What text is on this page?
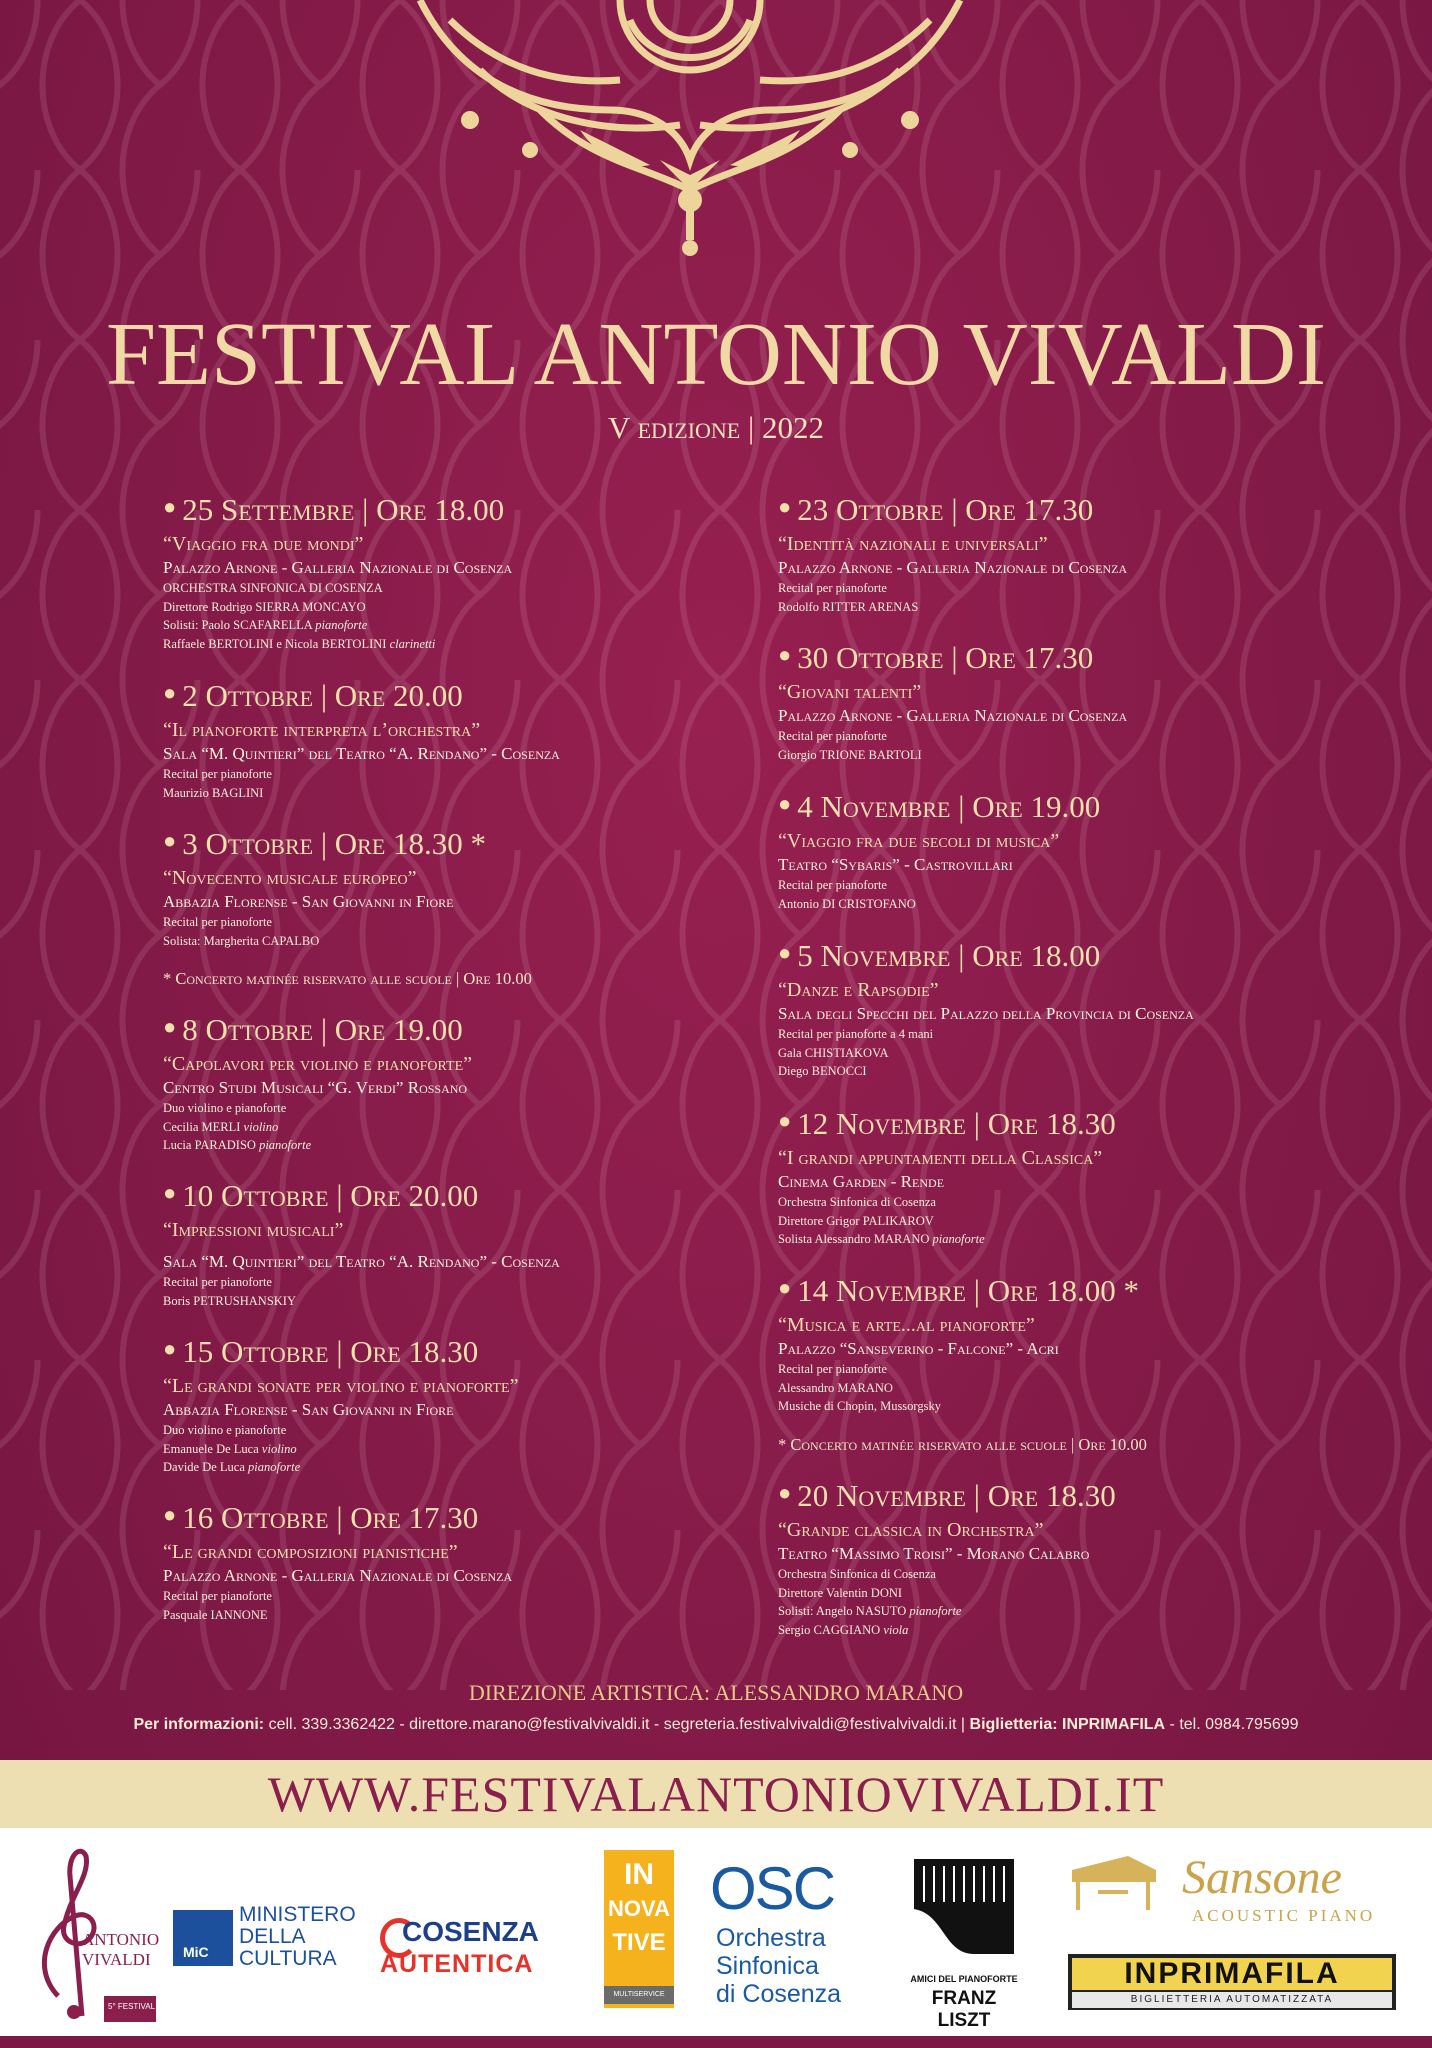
FESTIVAL ANTONIO VIVALDI
V edizione | 2022
● 25 Settembre | Ore 18.00
“Viaggio fra due mondi”
Palazzo Arnone - Galleria Nazionale di Cosenza
ORCHESTRA SINFONICA DI COSENZA
Direttore Rodrigo SIERRA MONCAYO
Solisti: Paolo SCAFARELLA pianoforte
Raffaele BERTOLINI e Nicola BERTOLINI clarinetti
● 2 Ottobre | Ore 20.00
“Il pianoforte interpreta l’orchestra”
Sala “M. Quintieri” del Teatro “A. Rendano” - Cosenza
Recital per pianoforte
Maurizio BAGLINI
● 3 Ottobre | Ore 18.30 *
“Novecento musicale europeo”
Abbazia Florense - San Giovanni in Fiore
Recital per pianoforte
Solista: Margherita CAPALBO
* Concerto matinée riservato alle scuole | Ore 10.00
● 8 Ottobre | Ore 19.00
“Capolavori per violino e pianoforte”
Centro Studi Musicali “G. Verdi” Rossano
Duo violino e pianoforte
Cecilia MERLI violino
Lucia PARADISO pianoforte
● 10 Ottobre | Ore 20.00
“Impressioni musicali”
Sala “M. Quintieri” del Teatro “A. Rendano” - Cosenza
Recital per pianoforte
Boris PETRUSHANSKIY
● 15 Ottobre | Ore 18.30
“Le grandi sonate per violino e pianoforte”
Abbazia Florense - San Giovanni in Fiore
Duo violino e pianoforte
Emanuele De Luca violino
Davide De Luca pianoforte
● 16 Ottobre | Ore 17.30
“Le grandi composizioni pianistiche”
Palazzo Arnone - Galleria Nazionale di Cosenza
Recital per pianoforte
Pasquale IANNONE
● 23 Ottobre | Ore 17.30
“Identità nazionali e universali”
Palazzo Arnone - Galleria Nazionale di Cosenza
Recital per pianoforte
Rodolfo RITTER ARENAS
● 30 Ottobre | Ore 17.30
“Giovani talenti”
Palazzo Arnone - Galleria Nazionale di Cosenza
Recital per pianoforte
Giorgio TRIONE BARTOLI
● 4 Novembre | Ore 19.00
“Viaggio fra due secoli di musica”
Teatro “Sybaris” - Castrovillari
Recital per pianoforte
Antonio DI CRISTOFANO
● 5 Novembre | Ore 18.00
“Danze e Rapsodie”
Sala degli Specchi del Palazzo della Provincia di Cosenza
Recital per pianoforte a 4 mani
Gala CHISTIAKOVA
Diego BENOCCI
● 12 Novembre | Ore 18.30
“I grandi appuntamenti della Classica”
Cinema Garden - Rende
Orchestra Sinfonica di Cosenza
Direttore Grigor PALIKAROV
Solista Alessandro MARANO pianoforte
● 14 Novembre | Ore 18.00 *
“Musica e arte...al pianoforte”
Palazzo “Sanseverino - Falcone” - Acri
Recital per pianoforte
Alessandro MARANO
Musiche di Chopin, Mussorgsky
* Concerto matinée riservato alle scuole | Ore 10.00
● 20 Novembre | Ore 18.30
“Grande classica in Orchestra”
Teatro “Massimo Troisi” - Morano Calabro
Orchestra Sinfonica di Cosenza
Direttore Valentin DONI
Solisti: Angelo NASUTO pianoforte
Sergio CAGGIANO viola
DIREZIONE ARTISTICA: ALESSANDRO MARANO
Per informazioni: cell. 339.3362422 - direttore.marano@festivalvivaldi.it - segreteria.festivalvivaldi@festivalvivaldi.it | Biglietteria: INPRIMAFILA - tel. 0984.795699
WWW.FESTIVALANTONIOVIVALDI.IT
ANTONIO
VIVALDI
5° FESTIVAL
MiC
MINISTERO
DELLA
CULTURA
COSENZA
AUTENTICA
IN
NOVA
TIVE
MULTISERVICE
OSC
Orchestra
Sinfonica
di Cosenza
AMICI DEL PIANOFORTE
FRANZ LISZT
Sansone
ACOUSTIC PIANO
INPRIMAFILA
BIGLIETTERIA AUTOMATIZZATA
